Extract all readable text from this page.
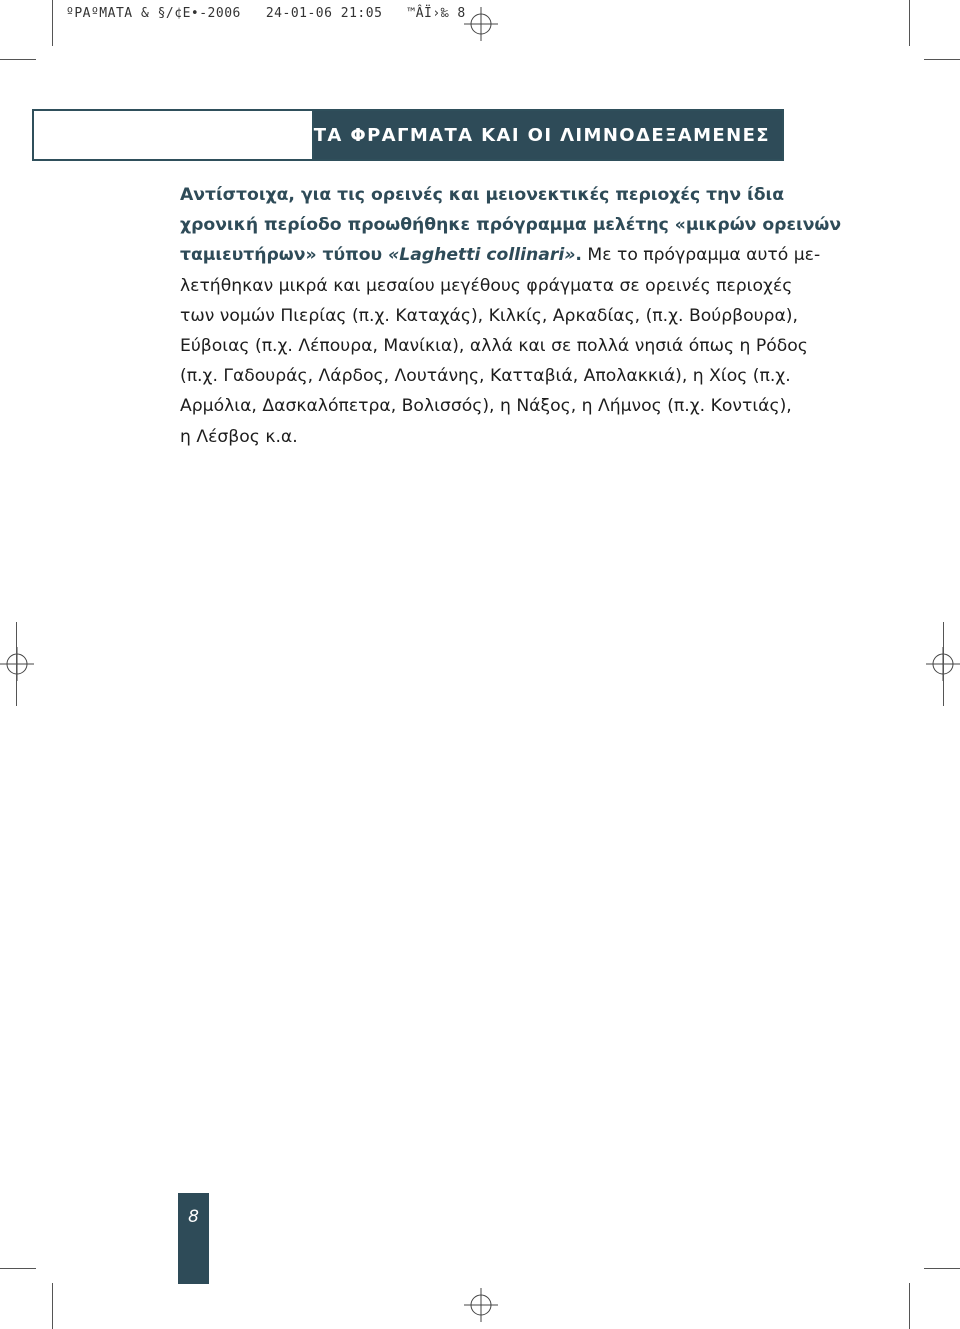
ºPAºMATA & §/¢E•-2006   24-01-06 21:05   ™ÂÏ›‰ 8
ΤΑ ΦΡΑΓΜΑΤΑ ΚΑΙ ΟΙ ΛΙΜΝΟΔΕΞΑΜΕΝΕΣ
Αντίστοιχα, για τις ορεινές και μειονεκτικές περιοχές την ίδια
χρονική περίοδο προωθήθηκε πρόγραμμα μελέτης «μικρών ορεινών
ταμιευτήρων» τύπου «Laghetti collinari». Με το πρόγραμμα αυτό με-
λετήθηκαν μικρά και μεσαίου μεγέθους φράγματα σε ορεινές περιοχές
των νομών Πιερίας (π.χ. Καταχάς), Κιλκίς, Αρκαδίας, (π.χ. Βούρβουρα),
Εύβοιας (π.χ. Λέπουρα, Μανίκια), αλλά και σε πολλά νησιά όπως η Ρόδος
(π.χ. Γαδουράς, Λάρδος, Λουτάνης, Κατταβιά, Απολακκιά), η Χίος (π.χ.
Αρμόλια, Δασκαλόπετρα, Βολισσός), η Νάξος, η Λήμνος (π.χ. Κοντιάς),
η Λέσβος κ.α.
8
